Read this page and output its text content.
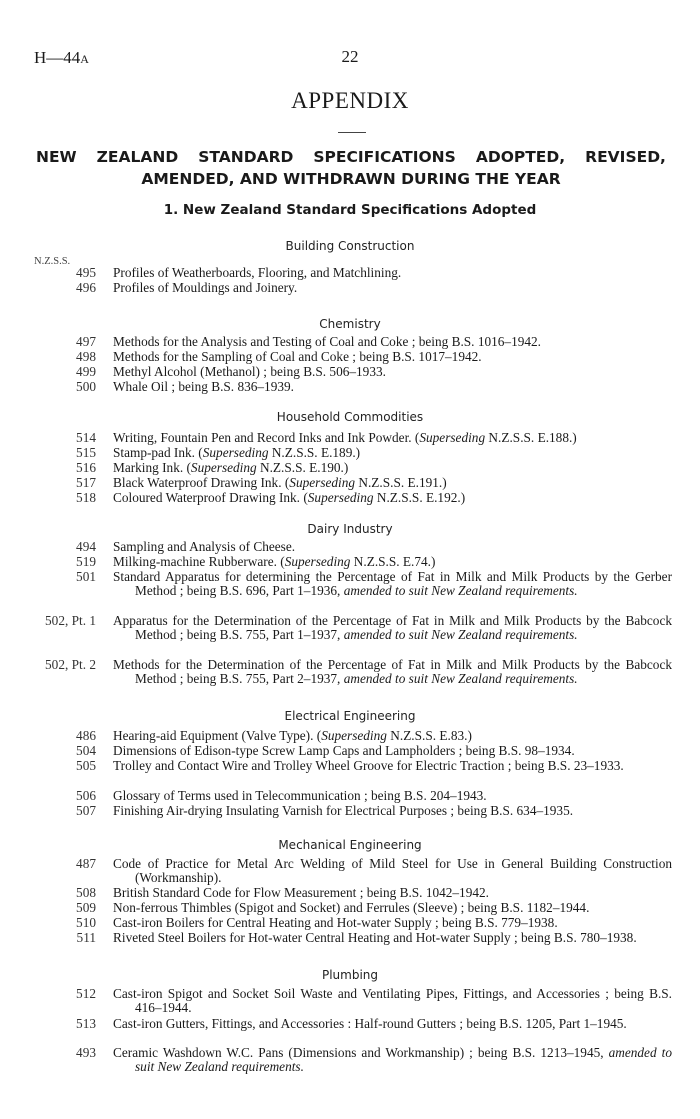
H—44A	22
APPENDIX
NEW ZEALAND STANDARD SPECIFICATIONS ADOPTED, REVISED,
AMENDED, AND WITHDRAWN DURING THE YEAR
1. New Zealand Standard Specifications Adopted
Building Construction
N.Z.S.S.
495 Profiles of Weatherboards, Flooring, and Matchlining.
496 Profiles of Mouldings and Joinery.
Chemistry
497 Methods for the Analysis and Testing of Coal and Coke ; being B.S. 1016–1942.
498 Methods for the Sampling of Coal and Coke ; being B.S. 1017–1942.
499 Methyl Alcohol (Methanol) ; being B.S. 506–1933.
500 Whale Oil ; being B.S. 836–1939.
Household Commodities
514 Writing, Fountain Pen and Record Inks and Ink Powder. (Superseding N.Z.S.S. E.188.)
515 Stamp-pad Ink. (Superseding N.Z.S.S. E.189.)
516 Marking Ink. (Superseding N.Z.S.S. E.190.)
517 Black Waterproof Drawing Ink. (Superseding N.Z.S.S. E.191.)
518 Coloured Waterproof Drawing Ink. (Superseding N.Z.S.S. E.192.)
Dairy Industry
494 Sampling and Analysis of Cheese.
519 Milking-machine Rubberware. (Superseding N.Z.S.S. E.74.)
501 Standard Apparatus for determining the Percentage of Fat in Milk and Milk Products by the Gerber Method ; being B.S. 696, Part 1–1936, amended to suit New Zealand requirements.
502, Pt. 1 Apparatus for the Determination of the Percentage of Fat in Milk and Milk Products by the Babcock Method ; being B.S. 755, Part 1–1937, amended to suit New Zealand requirements.
502, Pt. 2 Methods for the Determination of the Percentage of Fat in Milk and Milk Products by the Babcock Method ; being B.S. 755, Part 2–1937, amended to suit New Zealand requirements.
Electrical Engineering
486 Hearing-aid Equipment (Valve Type). (Superseding N.Z.S.S. E.83.)
504 Dimensions of Edison-type Screw Lamp Caps and Lampholders ; being B.S. 98–1934.
505 Trolley and Contact Wire and Trolley Wheel Groove for Electric Traction ; being B.S. 23–1933.
506 Glossary of Terms used in Telecommunication ; being B.S. 204–1943.
507 Finishing Air-drying Insulating Varnish for Electrical Purposes ; being B.S. 634–1935.
Mechanical Engineering
487 Code of Practice for Metal Arc Welding of Mild Steel for Use in General Building Construction (Workmanship).
508 British Standard Code for Flow Measurement ; being B.S. 1042–1942.
509 Non-ferrous Thimbles (Spigot and Socket) and Ferrules (Sleeve) ; being B.S. 1182–1944.
510 Cast-iron Boilers for Central Heating and Hot-water Supply ; being B.S. 779–1938.
511 Riveted Steel Boilers for Hot-water Central Heating and Hot-water Supply ; being B.S. 780–1938.
Plumbing
512 Cast-iron Spigot and Socket Soil Waste and Ventilating Pipes, Fittings, and Accessories ; being B.S. 416–1944.
513 Cast-iron Gutters, Fittings, and Accessories : Half-round Gutters ; being B.S. 1205, Part 1–1945.
493 Ceramic Washdown W.C. Pans (Dimensions and Workmanship) ; being B.S. 1213–1945, amended to suit New Zealand requirements.
